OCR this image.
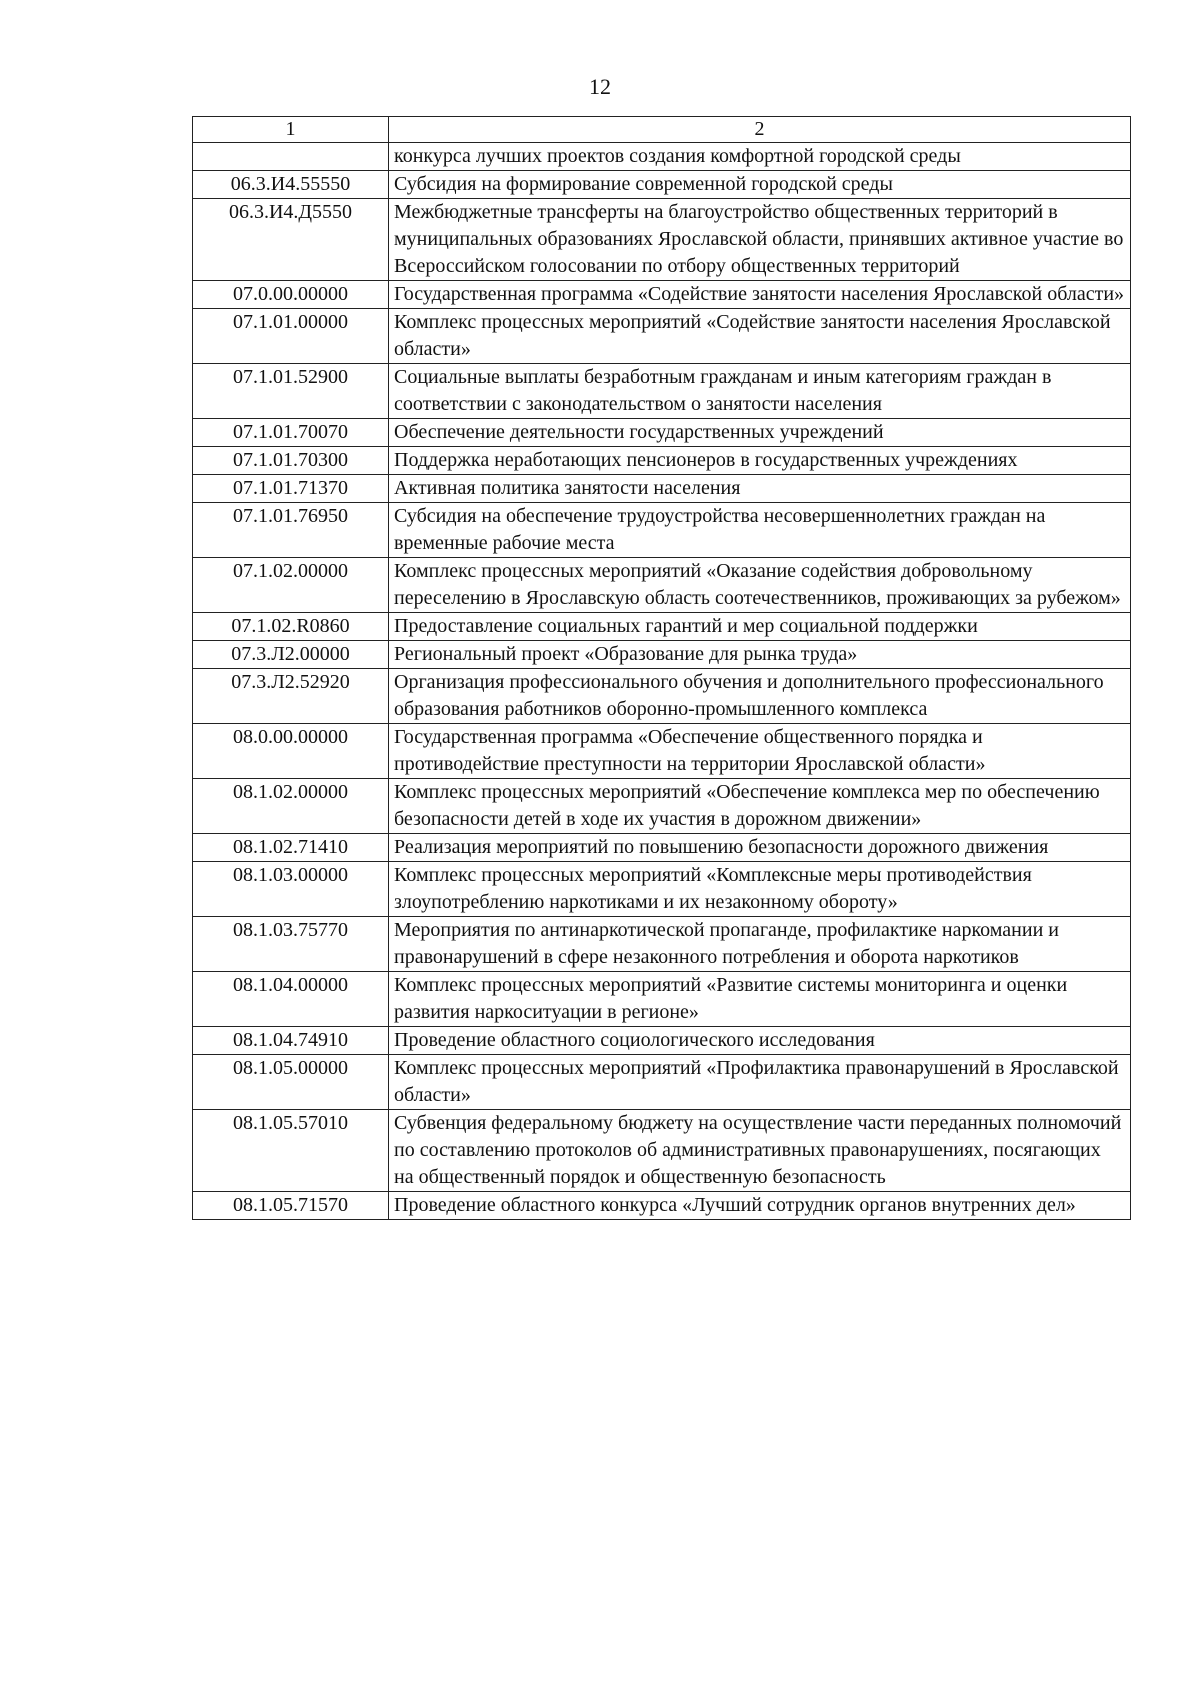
12
1	2
	конкурса лучших проектов создания комфортной городской среды
06.3.И4.55550	Субсидия на формирование современной городской среды
06.3.И4.Д5550	Межбюджетные трансферты на благоустройство общественных территорий в муниципальных образованиях Ярославской области, принявших активное участие во Всероссийском голосовании по отбору общественных территорий
07.0.00.00000	Государственная программа «Содействие занятости населения Ярославской области»
07.1.01.00000	Комплекс процессных мероприятий «Содействие занятости населения Ярославской области»
07.1.01.52900	Социальные выплаты безработным гражданам и иным категориям граждан в соответствии с законодательством о занятости населения
07.1.01.70070	Обеспечение деятельности государственных учреждений
07.1.01.70300	Поддержка неработающих пенсионеров в государственных учреждениях
07.1.01.71370	Активная политика занятости населения
07.1.01.76950	Субсидия на обеспечение трудоустройства несовершеннолетних граждан на временные рабочие места
07.1.02.00000	Комплекс процессных мероприятий «Оказание содействия добровольному переселению в Ярославскую область соотечественников, проживающих за рубежом»
07.1.02.R0860	Предоставление социальных гарантий и мер социальной поддержки
07.3.Л2.00000	Региональный проект «Образование для рынка труда»
07.3.Л2.52920	Организация профессионального обучения и дополнительного профессионального образования работников оборонно-промышленного комплекса
08.0.00.00000	Государственная программа «Обеспечение общественного порядка и противодействие преступности на территории Ярославской области»
08.1.02.00000	Комплекс процессных мероприятий «Обеспечение комплекса мер по обеспечению безопасности детей в ходе их участия в дорожном движении»
08.1.02.71410	Реализация мероприятий по повышению безопасности дорожного движения
08.1.03.00000	Комплекс процессных мероприятий «Комплексные меры противодействия злоупотреблению наркотиками и их незаконному обороту»
08.1.03.75770	Мероприятия по антинаркотической пропаганде, профилактике наркомании и правонарушений в сфере незаконного потребления и оборота наркотиков
08.1.04.00000	Комплекс процессных мероприятий «Развитие системы мониторинга и оценки развития наркоситуации в регионе»
08.1.04.74910	Проведение областного социологического исследования
08.1.05.00000	Комплекс процессных мероприятий «Профилактика правонарушений в Ярославской области»
08.1.05.57010	Субвенция федеральному бюджету на осуществление части переданных полномочий по составлению протоколов об административных правонарушениях, посягающих на общественный порядок и общественную безопасность
08.1.05.71570	Проведение областного конкурса «Лучший сотрудник органов внутренних дел»
